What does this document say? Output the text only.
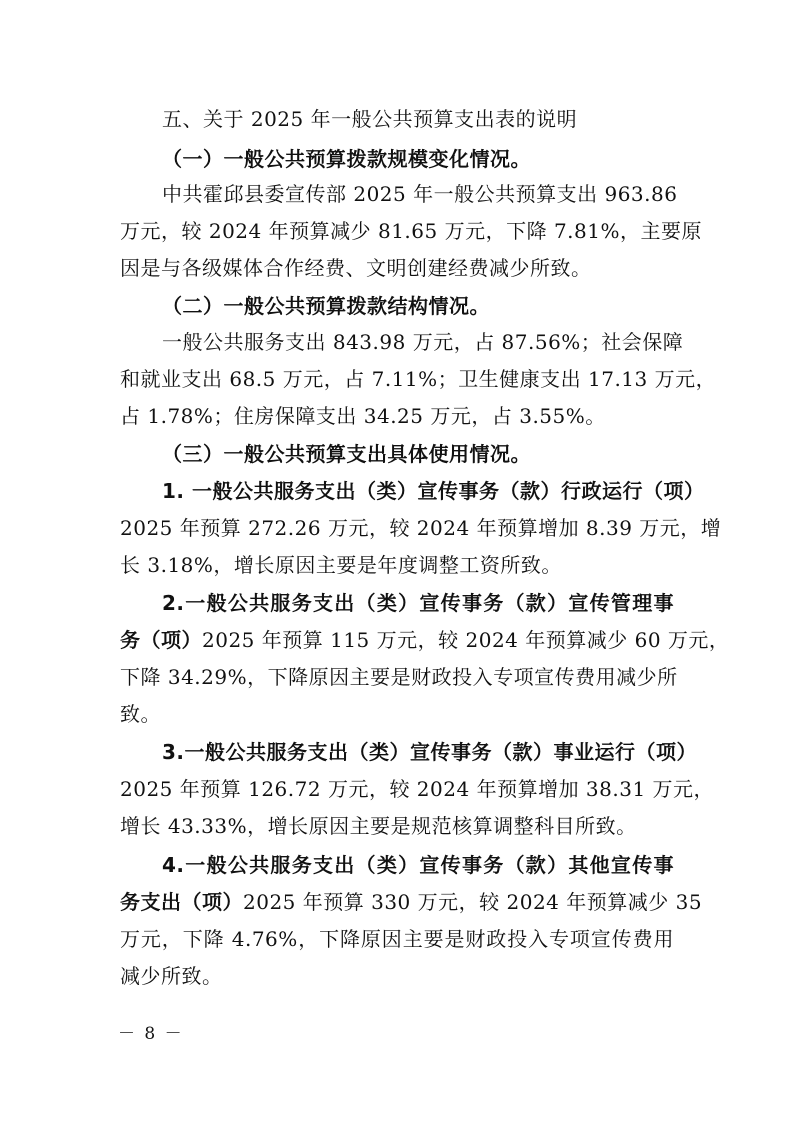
五、关于 2025 年一般公共预算支出表的说明
（一）一般公共预算拨款规模变化情况。
中共霍邱县委宣传部 2025 年一般公共预算支出 963.86
万元，较 2024 年预算减少 81.65 万元，下降 7.81%，主要原
因是与各级媒体合作经费、文明创建经费减少所致。
（二）一般公共预算拨款结构情况。
一般公共服务支出 843.98 万元，占 87.56%；社会保障
和就业支出 68.5 万元，占 7.11%；卫生健康支出 17.13 万元，
占 1.78%；住房保障支出 34.25 万元，占 3.55%。
（三）一般公共预算支出具体使用情况。
1. 一般公共服务支出（类）宣传事务（款）行政运行（项）
2025 年预算 272.26 万元，较 2024 年预算增加 8.39 万元，增
长 3.18%，增长原因主要是年度调整工资所致。
2.一般公共服务支出（类）宣传事务（款）宣传管理事
务（项） 2025 年预算 115 万元，较 2024 年预算减少 60 万元，
下降 34.29%，下降原因主要是财政投入专项宣传费用减少所
致。
3.一般公共服务支出（类）宣传事务（款）事业运行（项）
2025 年预算 126.72 万元，较 2024 年预算增加 38.31 万元，
增长 43.33%，增长原因主要是规范核算调整科目所致。
4.一般公共服务支出（类）宣传事务（款）其他宣传事
务支出（项） 2025 年预算 330 万元，较 2024 年预算减少 35
万元，下降 4.76%，下降原因主要是财政投入专项宣传费用
减少所致。
－ 8 －
